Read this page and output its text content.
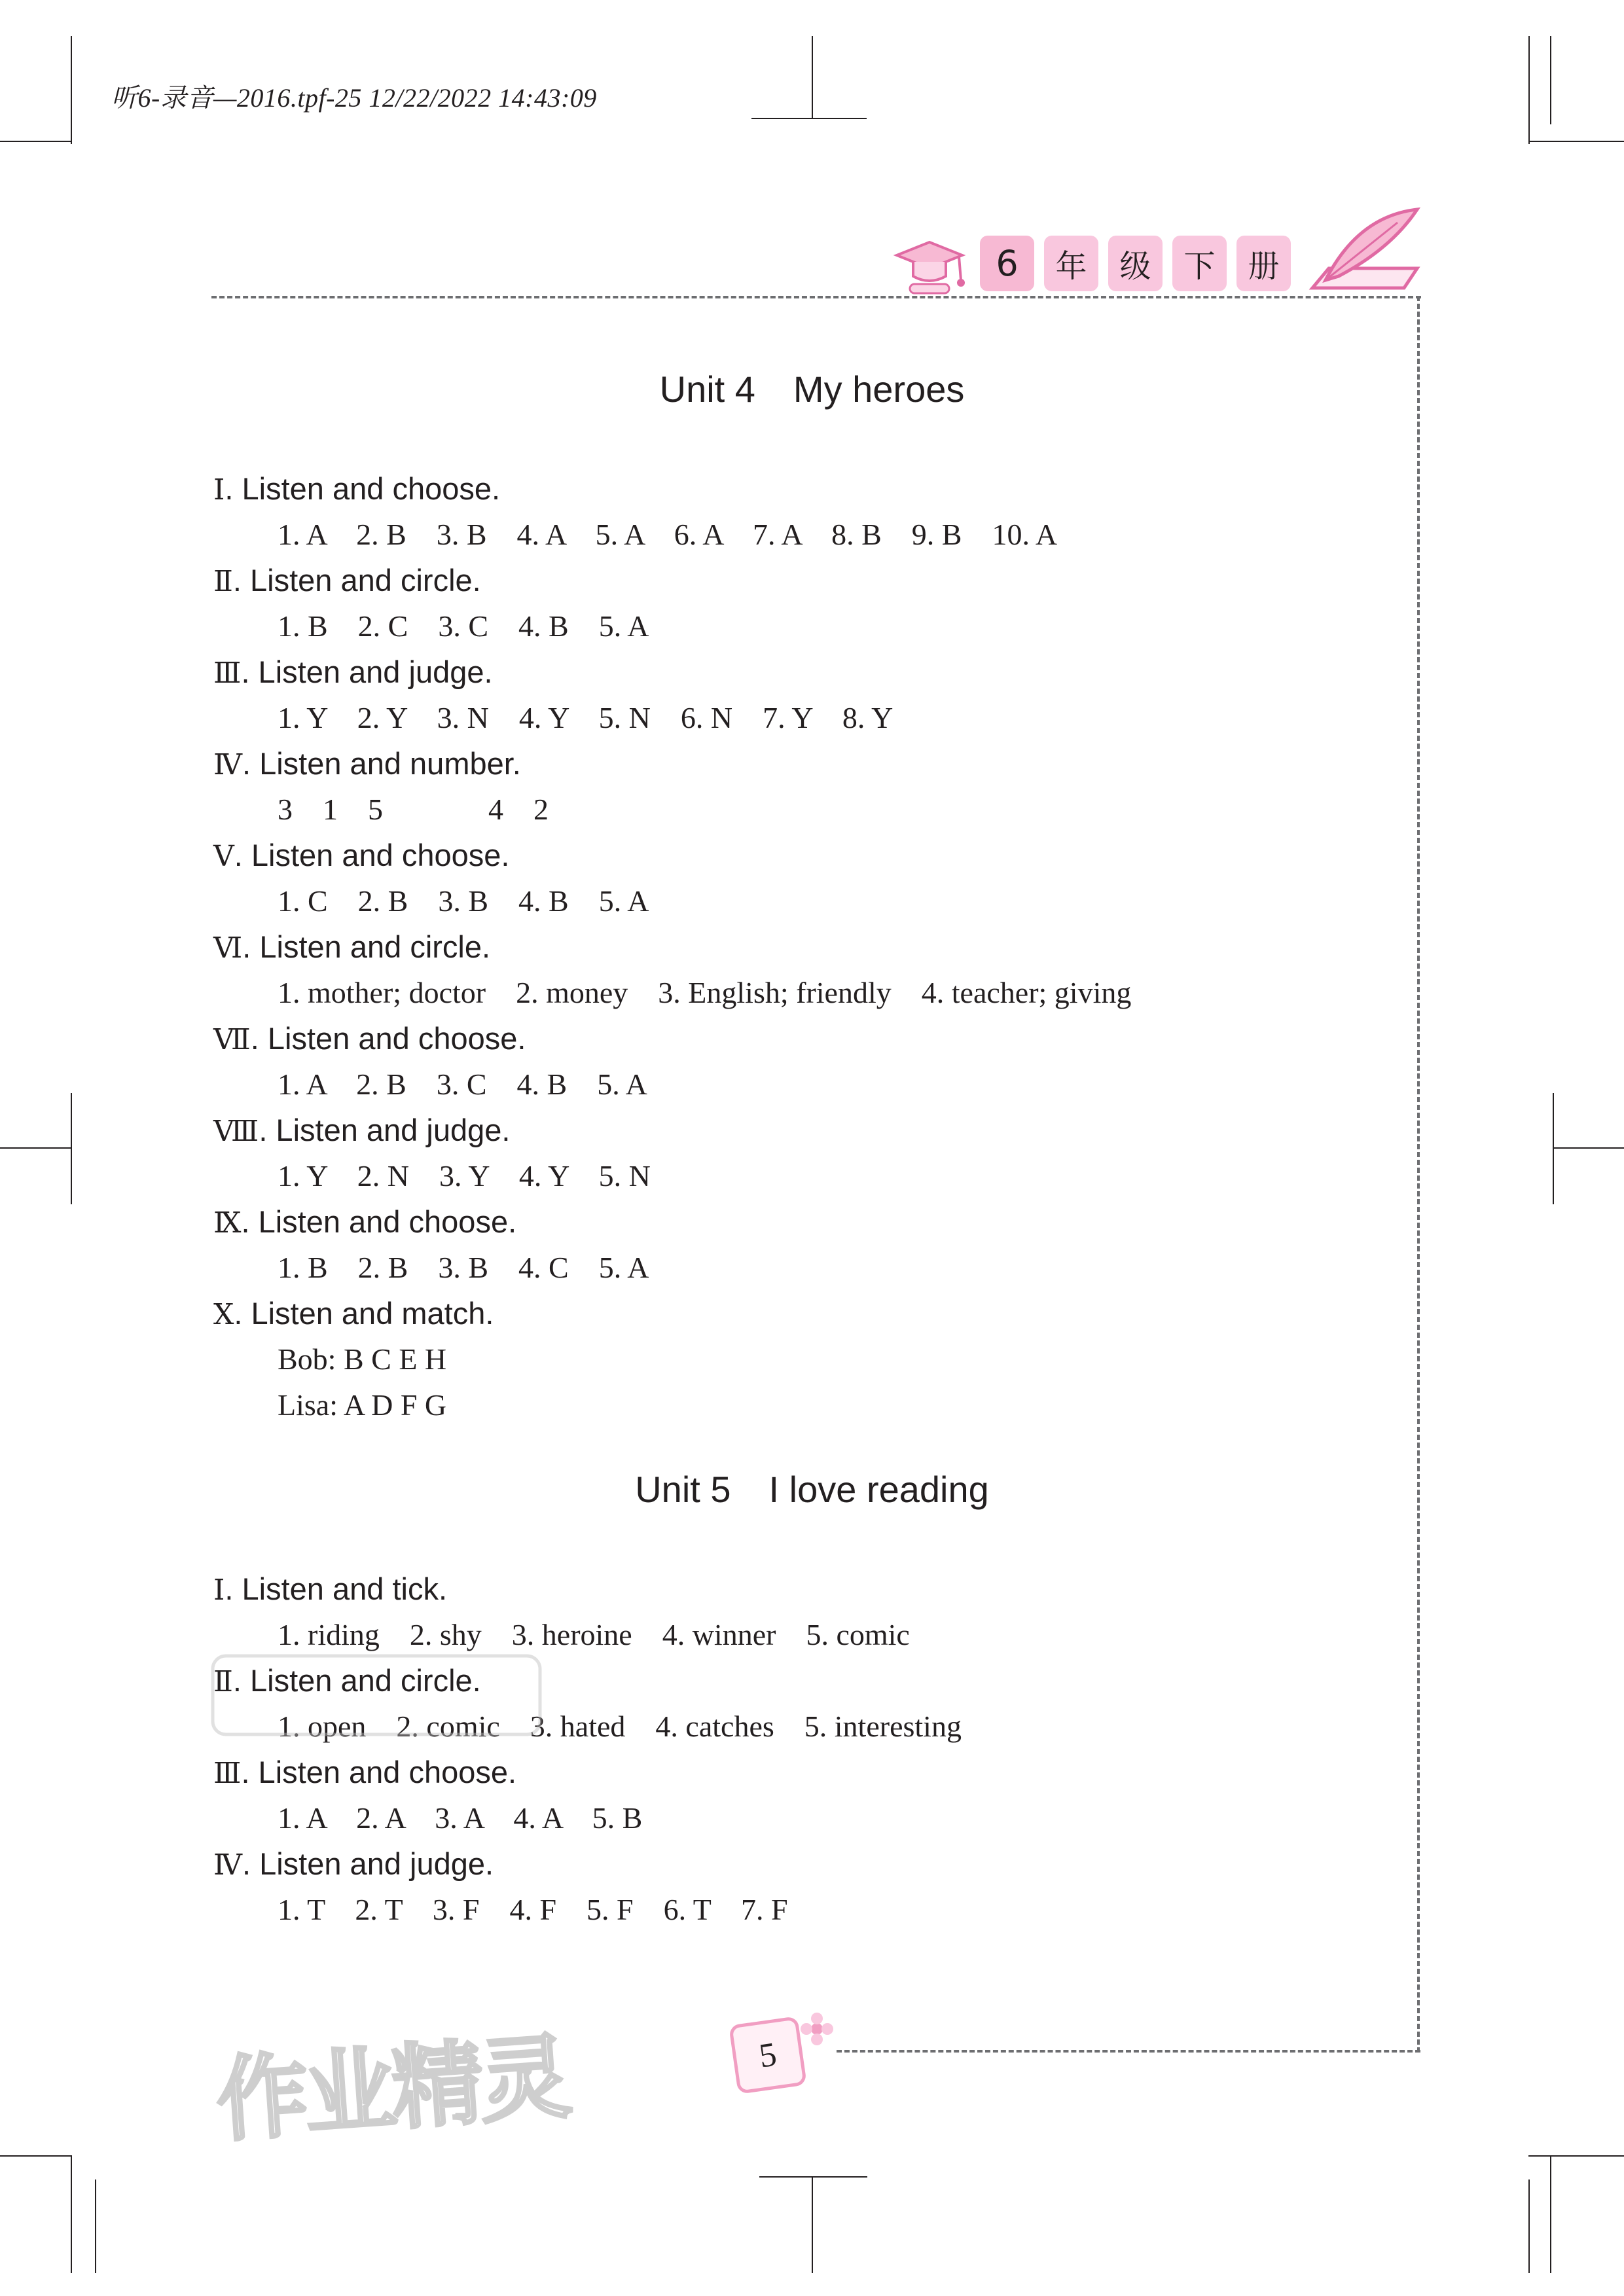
听6-录音—2016.tpf-25 12/22/2022 14:43:09
6	年	级	下	册
Unit 4 My heroes
Ⅰ. Listen and choose.
1. A    2. B    3. B    4. A    5. A    6. A    7. A    8. B    9. B    10. A
Ⅱ. Listen and circle.
1. B    2. C    3. C    4. B    5. A
Ⅲ. Listen and judge.
1. Y    2. Y    3. N    4. Y    5. N    6. N    7. Y    8. Y
Ⅳ. Listen and number.
3    1    5              4    2
Ⅴ. Listen and choose.
1. C    2. B    3. B    4. B    5. A
Ⅵ. Listen and circle.
1. mother; doctor    2. money    3. English; friendly    4. teacher; giving
Ⅶ. Listen and choose.
1. A    2. B    3. C    4. B    5. A
Ⅷ. Listen and judge.
1. Y    2. N    3. Y    4. Y    5. N
Ⅸ. Listen and choose.
1. B    2. B    3. B    4. C    5. A
Ⅹ. Listen and match.
Bob: B C E H
Lisa: A D F G
Unit 5 I love reading
Ⅰ. Listen and tick.
1. riding    2. shy    3. heroine    4. winner    5. comic
Ⅱ. Listen and circle.
1. open    2. comic    3. hated    4. catches    5. interesting
Ⅲ. Listen and choose.
1. A    2. A    3. A    4. A    5. B
Ⅳ. Listen and judge.
1. T    2. T    3. F    4. F    5. F    6. T    7. F
5
作业精灵
